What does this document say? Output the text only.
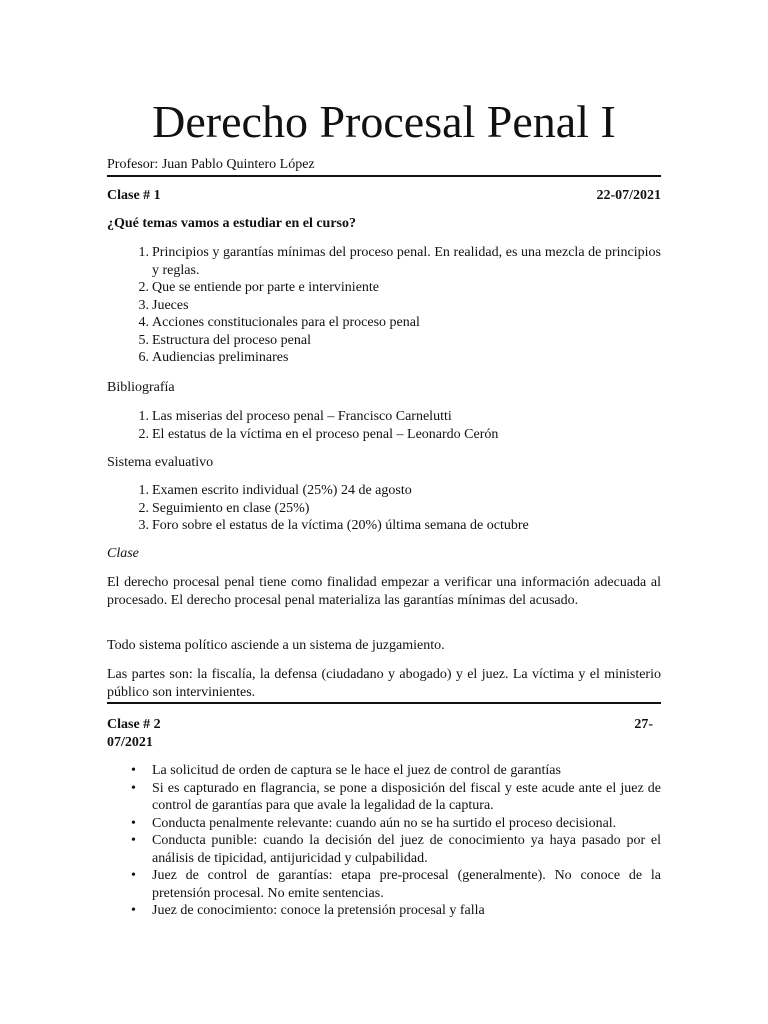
Derecho Procesal Penal I
Profesor: Juan Pablo Quintero López
Clase # 1	22-07/2021
¿Qué temas vamos a estudiar en el curso?
1. Principios y garantías mínimas del proceso penal. En realidad, es una mezcla de principios y reglas.
2. Que se entiende por parte e interviniente
3. Jueces
4. Acciones constitucionales para el proceso penal
5. Estructura del proceso penal
6. Audiencias preliminares
Bibliografía
1. Las miserias del proceso penal – Francisco Carnelutti
2. El estatus de la víctima en el proceso penal – Leonardo Cerón
Sistema evaluativo
1. Examen escrito individual (25%) 24 de agosto
2. Seguimiento en clase (25%)
3. Foro sobre el estatus de la víctima (20%) última semana de octubre
Clase

El derecho procesal penal tiene como finalidad empezar a verificar una información adecuada al procesado. El derecho procesal penal materializa las garantías mínimas del acusado.

Todo sistema político asciende a un sistema de juzgamiento.

Las partes son: la fiscalía, la defensa (ciudadano y abogado) y el juez. La víctima y el ministerio público son intervinientes.

Clase # 2	27-
07/2021
• La solicitud de orden de captura se le hace el juez de control de garantías
• Si es capturado en flagrancia, se pone a disposición del fiscal y este acude ante el juez de control de garantías para que avale la legalidad de la captura.
• Conducta penalmente relevante: cuando aún no se ha surtido el proceso decisional.
• Conducta punible: cuando la decisión del juez de conocimiento ya haya pasado por el análisis de tipicidad, antijuricidad y culpabilidad.
• Juez de control de garantías: etapa pre-procesal (generalmente). No conoce de la pretensión procesal. No emite sentencias.
• Juez de conocimiento: conoce la pretensión procesal y falla
